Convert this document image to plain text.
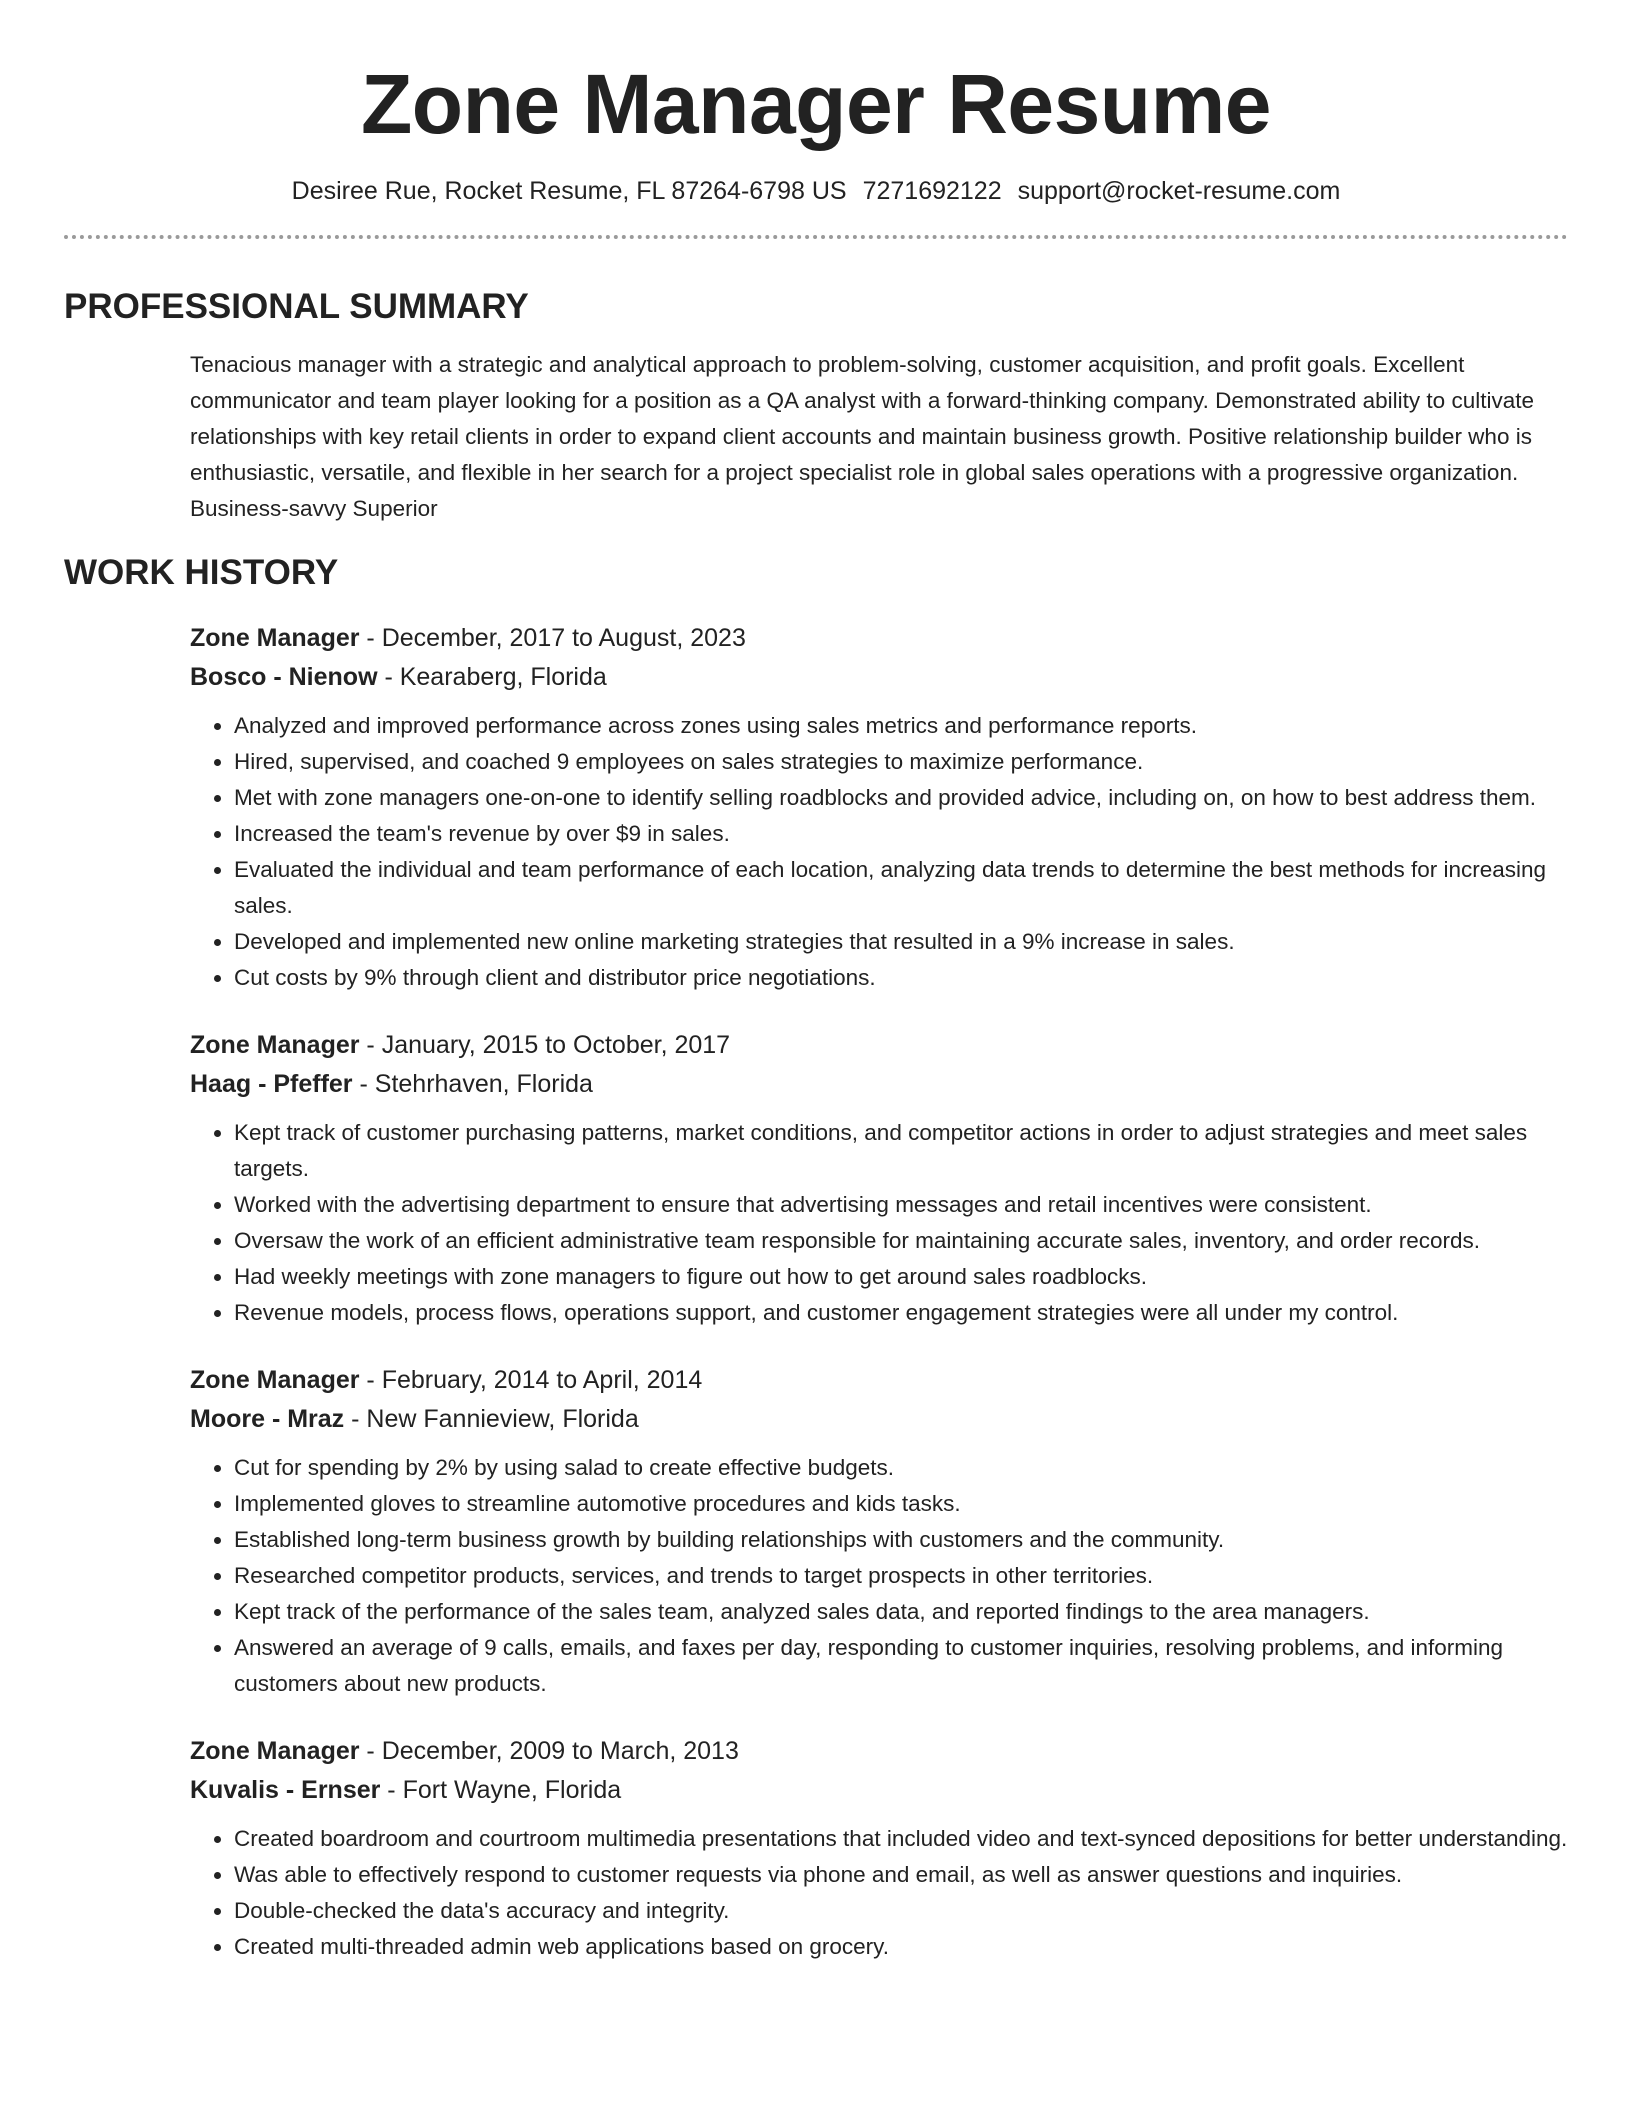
Zone Manager Resume
Desiree Rue, Rocket Resume, FL 87264-6798 US 7271692122 support@rocket-resume.com
PROFESSIONAL SUMMARY
Tenacious manager with a strategic and analytical approach to problem-solving, customer acquisition, and profit goals. Excellent communicator and team player looking for a position as a QA analyst with a forward-thinking company. Demonstrated ability to cultivate relationships with key retail clients in order to expand client accounts and maintain business growth. Positive relationship builder who is enthusiastic, versatile, and flexible in her search for a project specialist role in global sales operations with a progressive organization. Business-savvy Superior
WORK HISTORY
Zone Manager - December, 2017 to August, 2023
Bosco - Nienow - Kearaberg, Florida
• Analyzed and improved performance across zones using sales metrics and performance reports.
• Hired, supervised, and coached 9 employees on sales strategies to maximize performance.
• Met with zone managers one-on-one to identify selling roadblocks and provided advice, including on, on how to best address them.
• Increased the team's revenue by over $9 in sales.
• Evaluated the individual and team performance of each location, analyzing data trends to determine the best methods for increasing sales.
• Developed and implemented new online marketing strategies that resulted in a 9% increase in sales.
• Cut costs by 9% through client and distributor price negotiations.
Zone Manager - January, 2015 to October, 2017
Haag - Pfeffer - Stehrhaven, Florida
• Kept track of customer purchasing patterns, market conditions, and competitor actions in order to adjust strategies and meet sales targets.
• Worked with the advertising department to ensure that advertising messages and retail incentives were consistent.
• Oversaw the work of an efficient administrative team responsible for maintaining accurate sales, inventory, and order records.
• Had weekly meetings with zone managers to figure out how to get around sales roadblocks.
• Revenue models, process flows, operations support, and customer engagement strategies were all under my control.
Zone Manager - February, 2014 to April, 2014
Moore - Mraz - New Fannieview, Florida
• Cut for spending by 2% by using salad to create effective budgets.
• Implemented gloves to streamline automotive procedures and kids tasks.
• Established long-term business growth by building relationships with customers and the community.
• Researched competitor products, services, and trends to target prospects in other territories.
• Kept track of the performance of the sales team, analyzed sales data, and reported findings to the area managers.
• Answered an average of 9 calls, emails, and faxes per day, responding to customer inquiries, resolving problems, and informing customers about new products.
Zone Manager - December, 2009 to March, 2013
Kuvalis - Ernser - Fort Wayne, Florida
• Created boardroom and courtroom multimedia presentations that included video and text-synced depositions for better understanding.
• Was able to effectively respond to customer requests via phone and email, as well as answer questions and inquiries.
• Double-checked the data's accuracy and integrity.
• Created multi-threaded admin web applications based on grocery.
